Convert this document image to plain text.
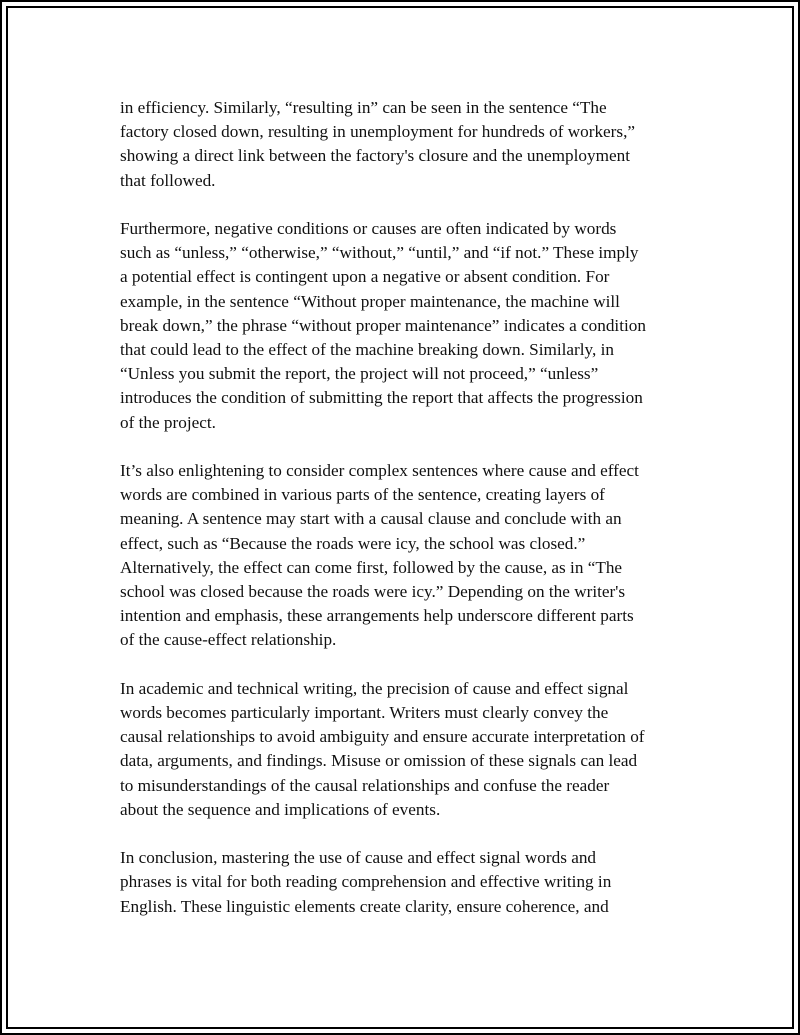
in efficiency. Similarly, “resulting in” can be seen in the sentence “The
factory closed down, resulting in unemployment for hundreds of workers,”
showing a direct link between the factory's closure and the unemployment
that followed.

Furthermore, negative conditions or causes are often indicated by words
such as “unless,” “otherwise,” “without,” “until,” and “if not.” These imply
a potential effect is contingent upon a negative or absent condition. For
example, in the sentence “Without proper maintenance, the machine will
break down,” the phrase “without proper maintenance” indicates a condition
that could lead to the effect of the machine breaking down. Similarly, in
“Unless you submit the report, the project will not proceed,” “unless”
introduces the condition of submitting the report that affects the progression
of the project.

It’s also enlightening to consider complex sentences where cause and effect
words are combined in various parts of the sentence, creating layers of
meaning. A sentence may start with a causal clause and conclude with an
effect, such as “Because the roads were icy, the school was closed.”
Alternatively, the effect can come first, followed by the cause, as in “The
school was closed because the roads were icy.” Depending on the writer's
intention and emphasis, these arrangements help underscore different parts
of the cause-effect relationship.

In academic and technical writing, the precision of cause and effect signal
words becomes particularly important. Writers must clearly convey the
causal relationships to avoid ambiguity and ensure accurate interpretation of
data, arguments, and findings. Misuse or omission of these signals can lead
to misunderstandings of the causal relationships and confuse the reader
about the sequence and implications of events.

In conclusion, mastering the use of cause and effect signal words and
phrases is vital for both reading comprehension and effective writing in
English. These linguistic elements create clarity, ensure coherence, and
